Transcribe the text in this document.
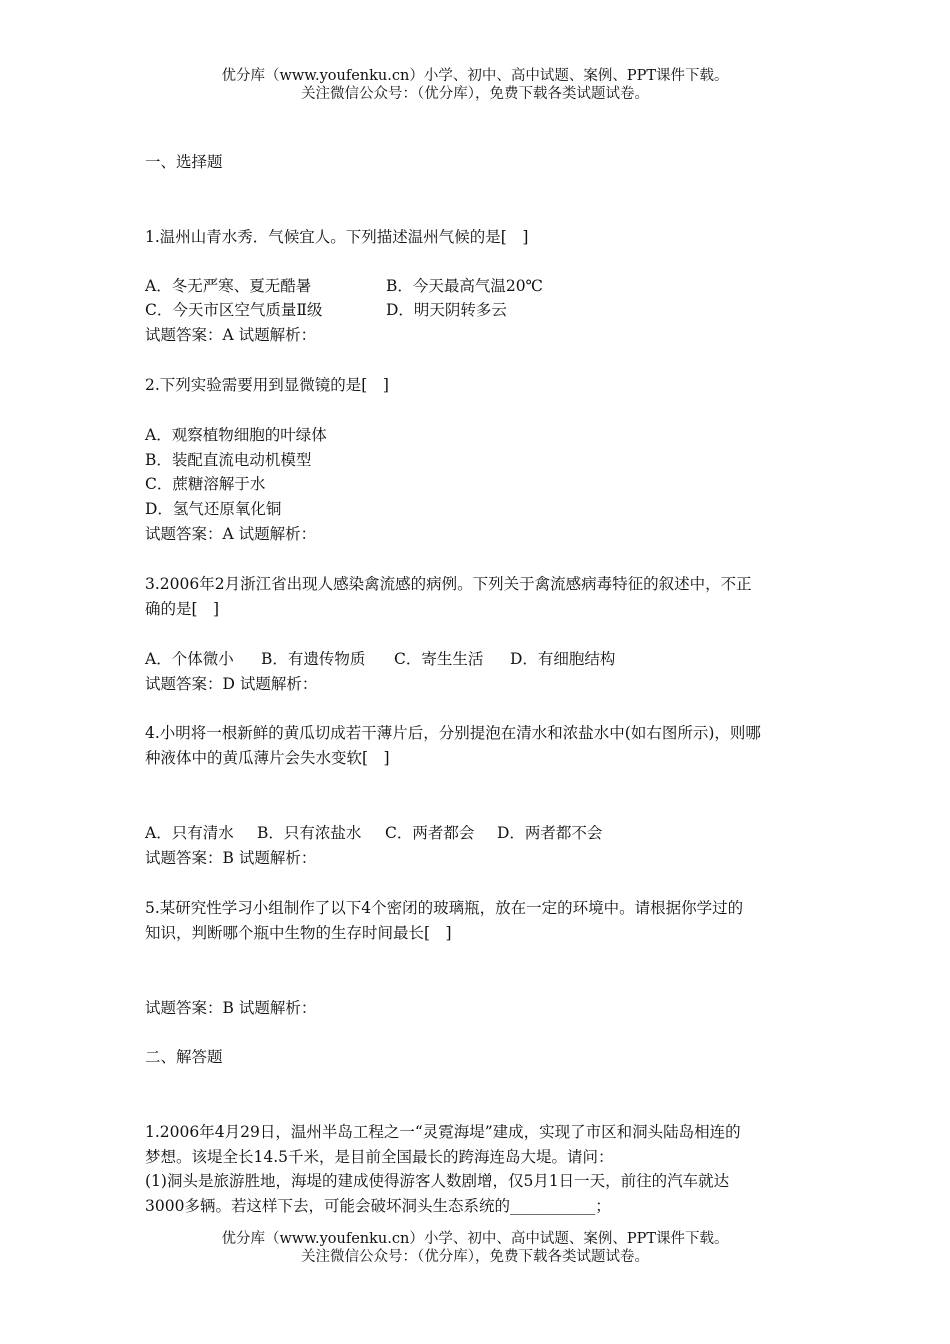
优分库（www.youfenku.cn）小学、初中、高中试题、案例、PPT课件下载。
关注微信公众号：（优分库），免费下载各类试题试卷。
一、选择题
1.温州山青水秀．气候宜人。下列描述温州气候的是[　]
A．冬无严寒、夏无酷暑	B．今天最高气温20℃
C．今天市区空气质量Ⅱ级	D．明天阴转多云
试题答案：A 试题解析：
2.下列实验需要用到显微镜的是[　]
A．观察植物细胞的叶绿体
B．装配直流电动机模型
C．蔗糖溶解于水
D．氢气还原氧化铜
试题答案：A 试题解析：
3.2006年2月浙江省出现人感染禽流感的病例。下列关于禽流感病毒特征的叙述中，不正
确的是[　]
A．个体微小 B．有遗传物质 C．寄生生活 D．有细胞结构
试题答案：D 试题解析：
4.小明将一根新鲜的黄瓜切成若干薄片后，分别提泡在清水和浓盐水中(如右图所示)，则哪
种液体中的黄瓜薄片会失水变软[　]
A．只有清水 B．只有浓盐水 C．两者都会 D．两者都不会
试题答案：B 试题解析：
5.某研究性学习小组制作了以下4个密闭的玻璃瓶，放在一定的环境中。请根据你学过的
知识，判断哪个瓶中生物的生存时间最长[　]
试题答案：B 试题解析：
二、解答题
1.2006年4月29日，温州半岛工程之一“灵霓海堤”建成，实现了市区和洞头陆岛相连的
梦想。该堤全长14.5千米，是目前全国最长的跨海连岛大堤。请问：
(1)洞头是旅游胜地，海堤的建成使得游客人数剧增，仅5月1日一天，前往的汽车就达
3000多辆。若这样下去，可能会破坏洞头生态系统的___________；
优分库（www.youfenku.cn）小学、初中、高中试题、案例、PPT课件下载。
关注微信公众号：（优分库），免费下载各类试题试卷。
